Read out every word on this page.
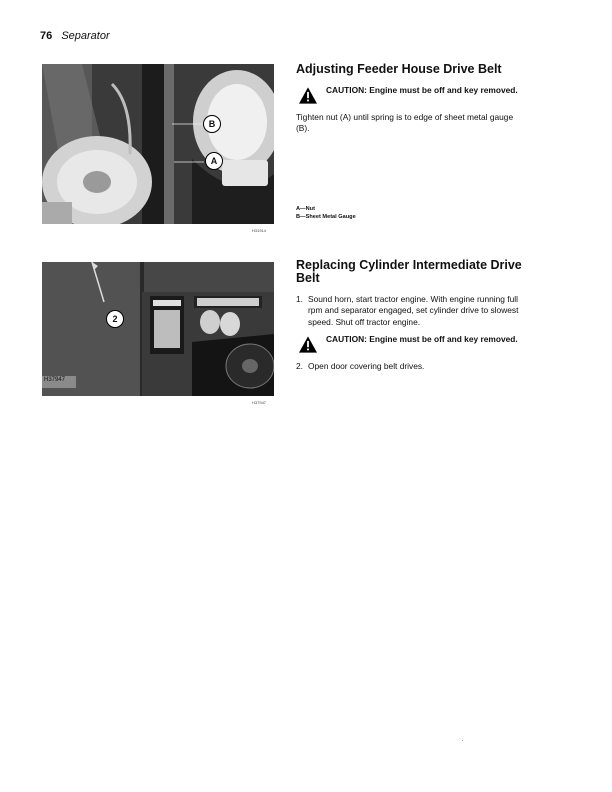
76 Separator
B
A
H31914
Adjusting Feeder House Drive Belt

CAUTION: Engine must be off and key removed.

Tighten nut (A) until spring is to edge of sheet metal gauge (B).

A—Nut
B—Sheet Metal Gauge
2
H37947
H37947
Replacing Cylinder Intermediate Drive Belt
1. Sound horn, start tractor engine. With engine running full rpm and separator engaged, set cylinder drive to slowest speed. Shut off tractor engine.

CAUTION: Engine must be off and key removed.

2. Open door covering belt drives.
